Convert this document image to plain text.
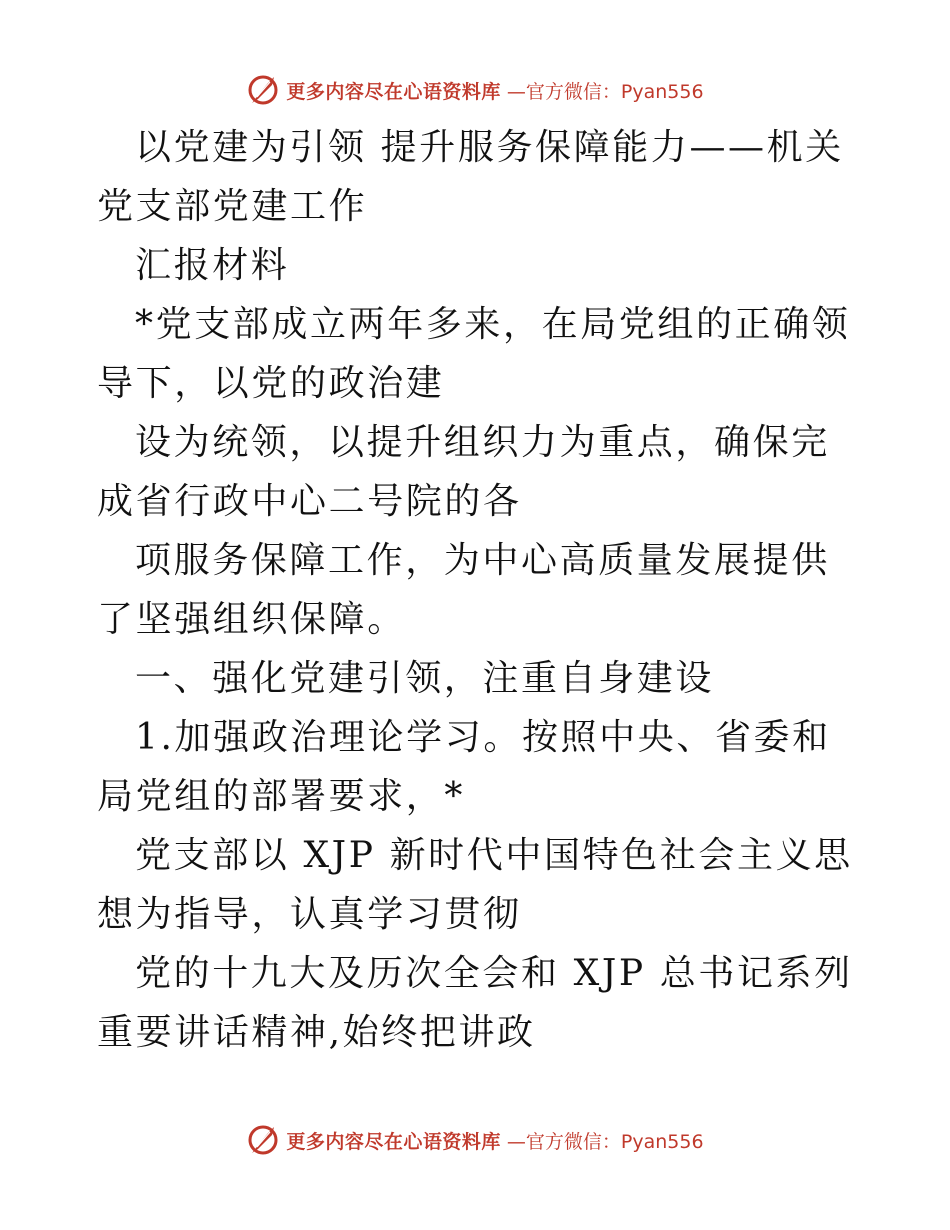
更多内容尽在心语资料库 —官方微信：Pyan556

以党建为引领 提升服务保障能力——机关党支部党建工作

汇报材料

*党支部成立两年多来，在局党组的正确领导下，以党的政治建

设为统领，以提升组织力为重点，确保完成省行政中心二号院的各

项服务保障工作，为中心高质量发展提供了坚强组织保障。

一、强化党建引领，注重自身建设

1.加强政治理论学习。按照中央、省委和局党组的部署要求，*

党支部以 XJP 新时代中国特色社会主义思想为指导，认真学习贯彻

党的十九大及历次全会和 XJP 总书记系列重要讲话精神,始终把讲政

更多内容尽在心语资料库 —官方微信：Pyan556
